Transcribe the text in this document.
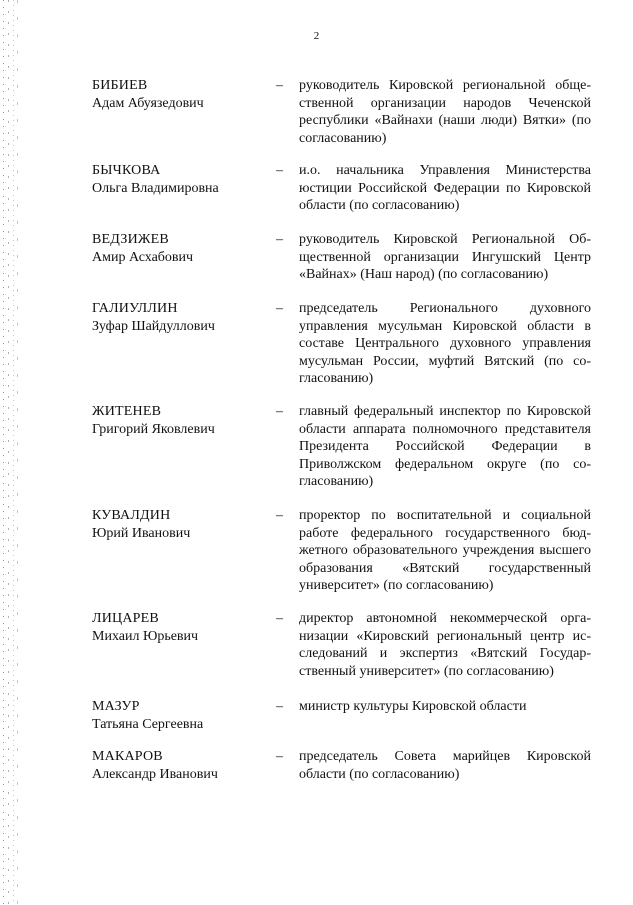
2
БИБИЕВ
Адам Абуязедович
– руководитель Кировской региональной общественной организации народов Чеченской республики «Вайнахи (наши люди) Вятки» (по согласованию)
БЫЧКОВА
Ольга Владимировна
– и.о. начальника Управления Министерства юстиции Российской Федерации по Кировской области (по согласованию)
ВЕДЗИЖЕВ
Амир Асхабович
– руководитель Кировской Региональной Общественной организации Ингушский Центр «Вайнах» (Наш народ) (по согласованию)
ГАЛИУЛЛИН
Зуфар Шайдуллович
– председатель Регионального духовного управления мусульман Кировской области в составе Центрального духовного управления мусульман России, муфтий Вятский (по согласованию)
ЖИТЕНЕВ
Григорий Яковлевич
– главный федеральный инспектор по Кировской области аппарата полномочного представителя Президента Российской Федерации в Приволжском федеральном округе (по согласованию)
КУВАЛДИН
Юрий Иванович
– проректор по воспитательной и социальной работе федерального государственного бюджетного образовательного учреждения высшего образования «Вятский государственный университет» (по согласованию)
ЛИЦАРЕВ
Михаил Юрьевич
– директор автономной некоммерческой организации «Кировский региональный центр исследований и экспертиз «Вятский Государственный университет» (по согласованию)
МАЗУР
Татьяна Сергеевна
– министр культуры Кировской области
МАКАРОВ
Александр Иванович
– председатель Совета марийцев Кировской области (по согласованию)
